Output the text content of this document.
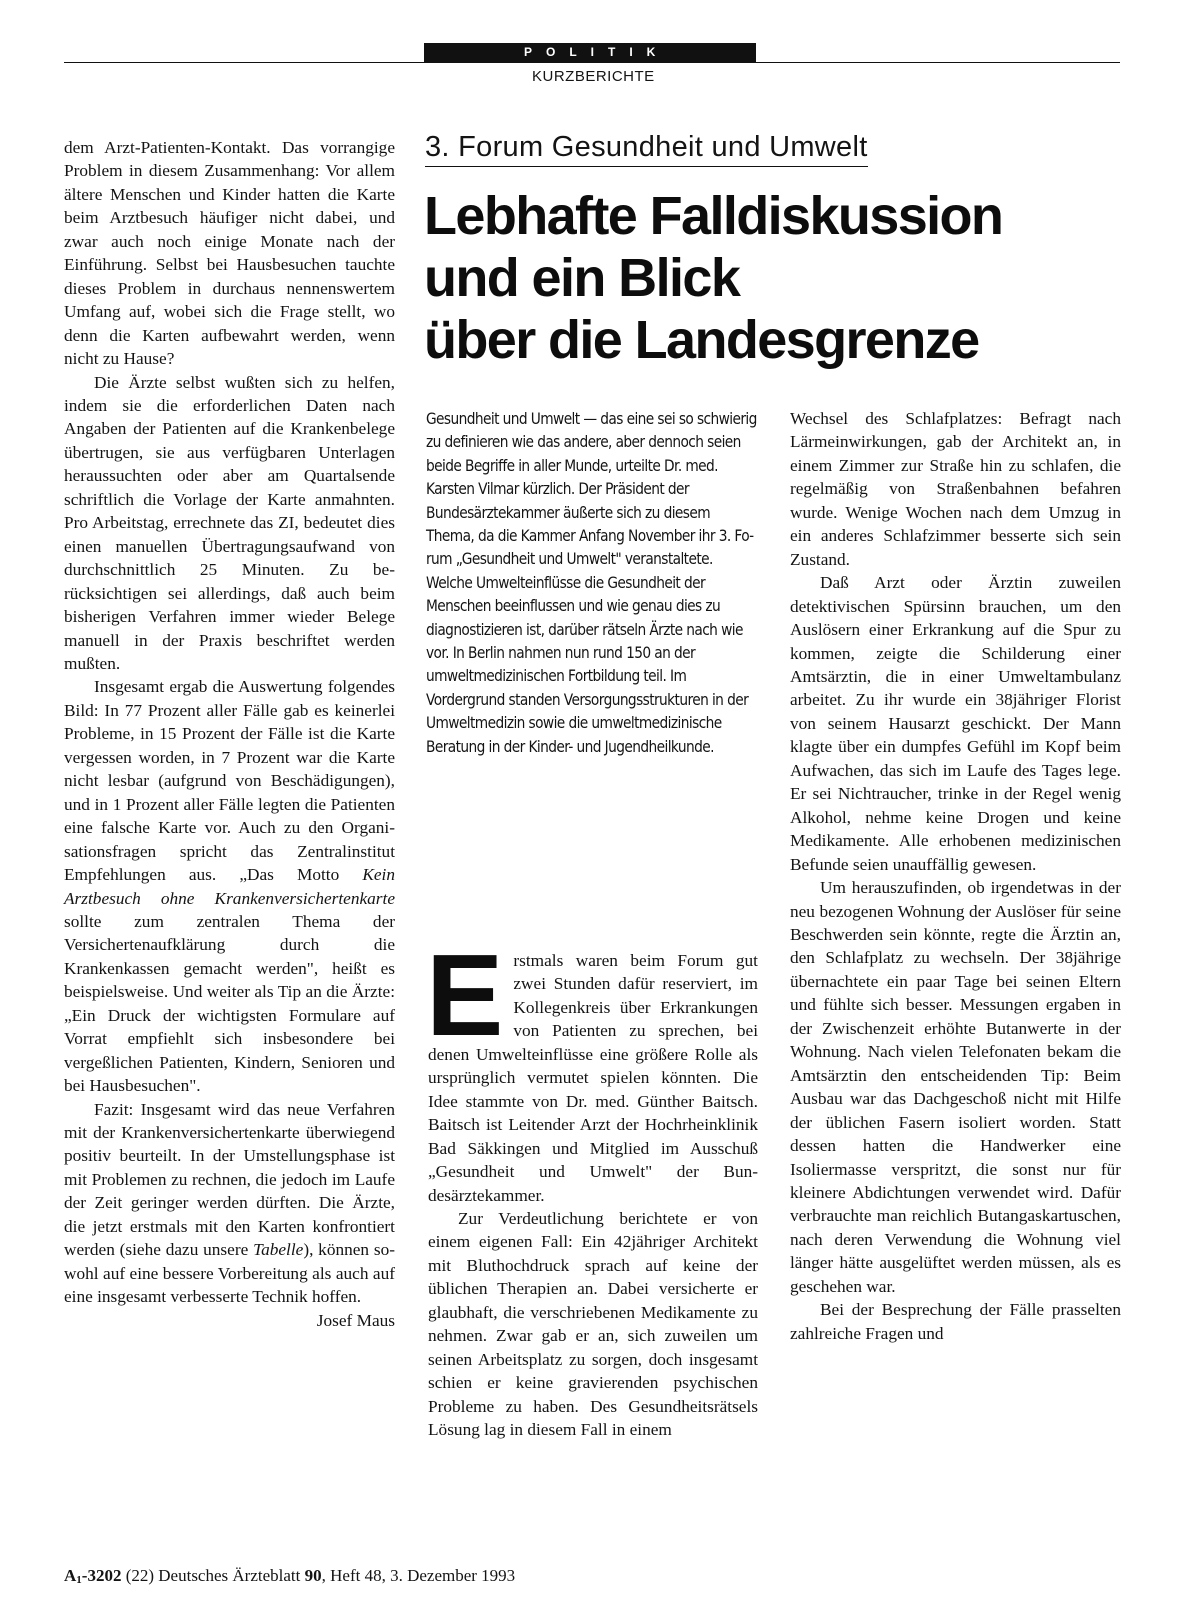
POLITIK
KURZBERICHTE

dem Arzt-Patienten-Kontakt. Das vorrangige Problem in diesem Zusammenhang: Vor allem ältere Menschen und Kinder hatten die Karte beim Arztbesuch häufiger nicht dabei, und zwar auch noch einige Monate nach der Einführung. Selbst bei Hausbesuchen tauchte dieses Problem in durchaus nennenswertem Umfang auf, wobei sich die Frage stellt, wo denn die Karten aufbewahrt werden, wenn nicht zu Hause?

Die Ärzte selbst wußten sich zu helfen, indem sie die erforderlichen Daten nach Angaben der Patienten auf die Krankenbelege übertrugen, sie aus verfügbaren Unterlagen heraussuchten oder aber am Quartalsende schriftlich die Vorlage der Karte anmahnten. Pro Arbeitstag, errechnete das ZI, bedeutet dies einen manuellen Übertragungsaufwand von durchschnittlich 25 Minuten. Zu berücksichtigen sei allerdings, daß auch beim bisherigen Verfahren immer wieder Belege manuell in der Praxis beschriftet werden mußten.

Insgesamt ergab die Auswertung folgendes Bild: In 77 Prozent aller Fälle gab es keinerlei Probleme, in 15 Prozent der Fälle ist die Karte vergessen worden, in 7 Prozent war die Karte nicht lesbar (aufgrund von Beschädigungen), und in 1 Prozent aller Fälle legten die Patienten eine falsche Karte vor. Auch zu den Organisationsfragen spricht das Zentralinstitut Empfehlungen aus. „Das Motto Kein Arztbesuch ohne Krankenversichertenkarte sollte zum zentralen Thema der Versichertenaufklärung durch die Krankenkassen gemacht werden", heißt es beispielsweise. Und weiter als Tip an die Ärzte: „Ein Druck der wichtigsten Formulare auf Vorrat empfiehlt sich insbesondere bei vergeßlichen Patienten, Kindern, Senioren und bei Hausbesuchen".

Fazit: Insgesamt wird das neue Verfahren mit der Krankenversichertenkarte überwiegend positiv beurteilt. In der Umstellungsphase ist mit Problemen zu rechnen, die jedoch im Laufe der Zeit geringer werden dürften. Die Ärzte, die jetzt erstmals mit den Karten konfrontiert werden (siehe dazu unsere Tabelle), können sowohl auf eine bessere Vorbereitung als auch auf eine insgesamt verbesserte Technik hoffen.
Josef Maus

3. Forum Gesundheit und Umwelt
Lebhafte Falldiskussion
und ein Blick
über die Landesgrenze

Gesundheit und Umwelt — das eine sei so schwierig zu definieren wie das andere, aber dennoch seien beide Begriffe in aller Munde, urteilte Dr. med. Karsten Vilmar kürzlich. Der Präsident der Bundesärztekammer äußerte sich zu diesem Thema, da die Kammer Anfang November ihr 3. Forum „Gesundheit und Umwelt" veranstaltete. Welche Umwelteinflüsse die Gesundheit der Menschen beeinflussen und wie genau dies zu diagnostizieren ist, darüber rätseln Ärzte nach wie vor. In Berlin nahmen nun rund 150 an der umweltmedizinischen Fortbildung teil. Im Vordergrund standen Versorgungsstrukturen in der Umweltmedizin sowie die umweltmedizinische Beratung in der Kinder- und Jugendheilkunde.

Erstmals waren beim Forum gut zwei Stunden dafür reserviert, im Kollegenkreis über Erkrankungen von Patienten zu sprechen, bei denen Umwelteinflüsse eine größere Rolle als ursprünglich vermutet spielen könnten. Die Idee stammte von Dr. med. Günther Baitsch. Baitsch ist Leitender Arzt der Hochrheinklinik Bad Säkkingen und Mitglied im Ausschuß „Gesundheit und Umwelt" der Bundesärztekammer.

Zur Verdeutlichung berichtete er von einem eigenen Fall: Ein 42jähriger Architekt mit Bluthochdruck sprach auf keine der üblichen Therapien an. Dabei versicherte er glaubhaft, die verschriebenen Medikamente zu nehmen. Zwar gab er an, sich zuweilen um seinen Arbeitsplatz zu sorgen, doch insgesamt schien er keine gravierenden psychischen Probleme zu haben. Des Gesundheitsrätsels Lösung lag in diesem Fall in einem

Wechsel des Schlafplatzes: Befragt nach Lärmeinwirkungen, gab der Architekt an, in einem Zimmer zur Straße hin zu schlafen, die regelmäßig von Straßenbahnen befahren wurde. Wenige Wochen nach dem Umzug in ein anderes Schlafzimmer besserte sich sein Zustand.

Daß Arzt oder Ärztin zuweilen detektivischen Spürsinn brauchen, um den Auslösern einer Erkrankung auf die Spur zu kommen, zeigte die Schilderung einer Amtsärztin, die in einer Umweltambulanz arbeitet. Zu ihr wurde ein 38jähriger Florist von seinem Hausarzt geschickt. Der Mann klagte über ein dumpfes Gefühl im Kopf beim Aufwachen, das sich im Laufe des Tages lege. Er sei Nichtraucher, trinke in der Regel wenig Alkohol, nehme keine Drogen und keine Medikamente. Alle erhobenen medizinischen Befunde seien unauffällig gewesen.

Um herauszufinden, ob irgendetwas in der neu bezogenen Wohnung der Auslöser für seine Beschwerden sein könnte, regte die Ärztin an, den Schlafplatz zu wechseln. Der 38jährige übernachtete ein paar Tage bei seinen Eltern und fühlte sich besser. Messungen ergaben in der Zwischenzeit erhöhte Butanwerte in der Wohnung. Nach vielen Telefonaten bekam die Amtsärztin den entscheidenden Tip: Beim Ausbau war das Dachgeschoß nicht mit Hilfe der üblichen Fasern isoliert worden. Statt dessen hatten die Handwerker eine Isoliermasse verspritzt, die sonst nur für kleinere Abdichtungen verwendet wird. Dafür verbrauchte man reichlich Butangaskartuschen, nach deren Verwendung die Wohnung viel länger hätte ausgelüftet werden müssen, als es geschehen war.

Bei der Besprechung der Fälle prasselten zahlreiche Fragen und

A1-3202 (22) Deutsches Ärzteblatt 90, Heft 48, 3. Dezember 1993
